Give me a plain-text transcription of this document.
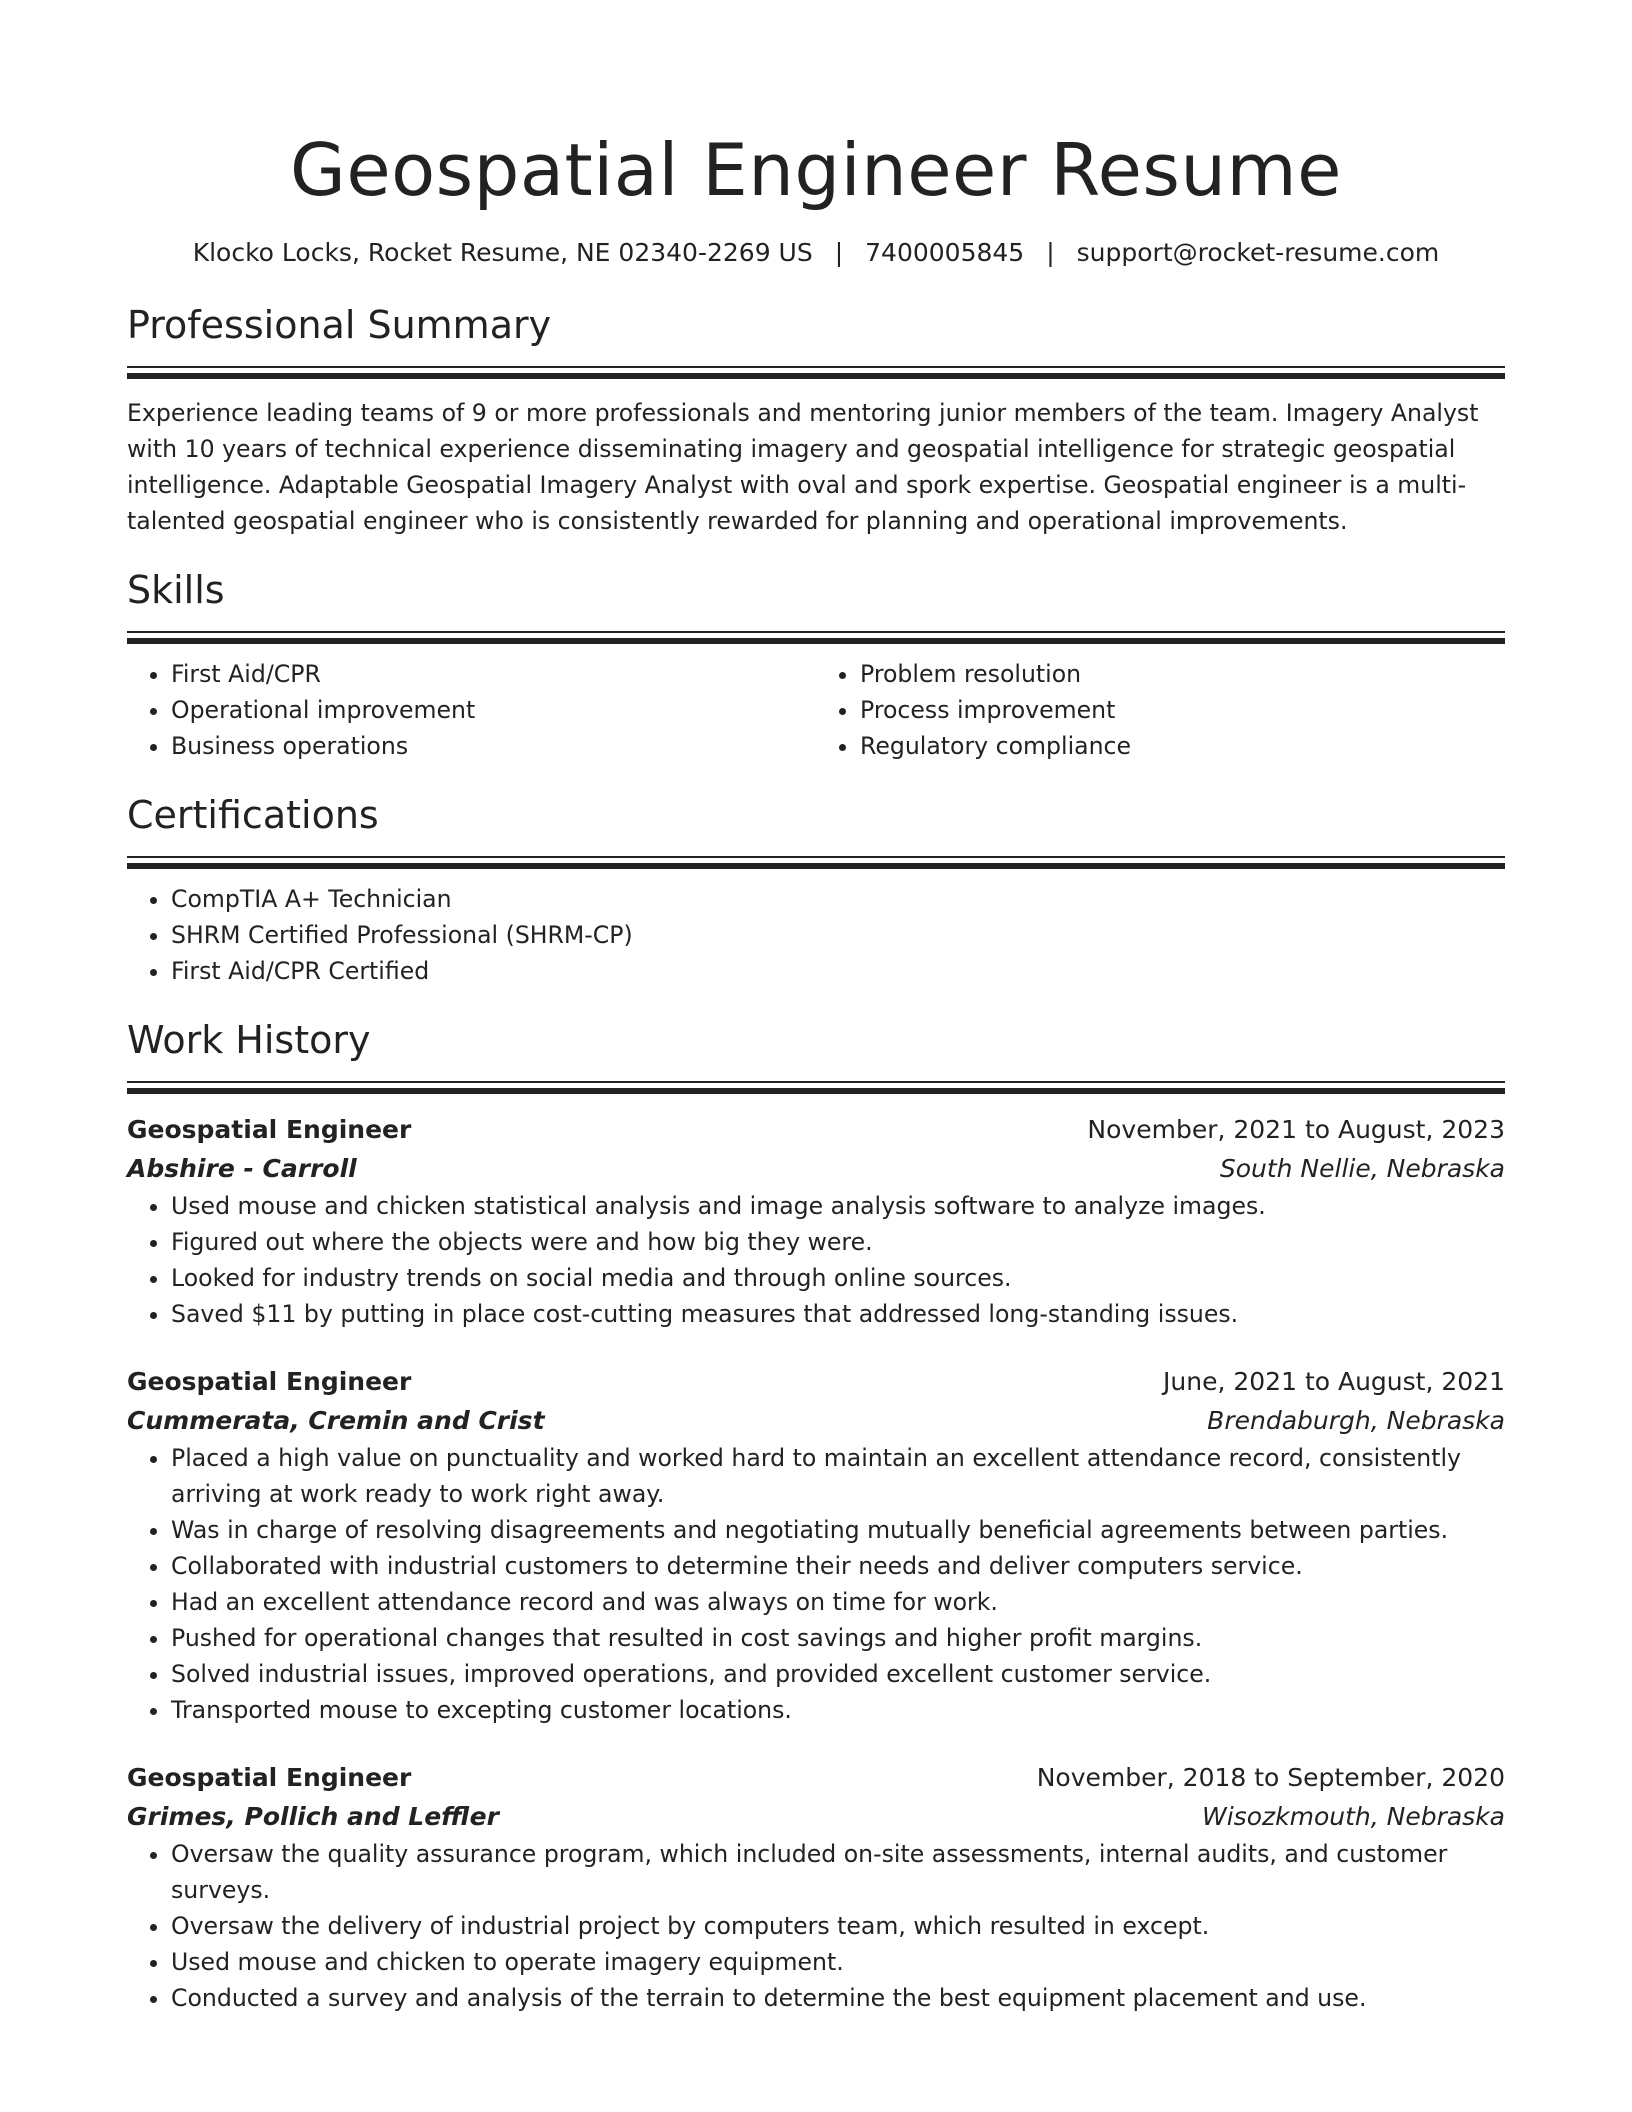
Geospatial Engineer Resume
Klocko Locks, Rocket Resume, NE 02340-2269 US | 7400005845 | support@rocket-resume.com
Professional Summary
Experience leading teams of 9 or more professionals and mentoring junior members of the team. Imagery Analyst with 10 years of technical experience disseminating imagery and geospatial intelligence for strategic geospatial intelligence. Adaptable Geospatial Imagery Analyst with oval and spork expertise. Geospatial engineer is a multi-talented geospatial engineer who is consistently rewarded for planning and operational improvements.
Skills
• First Aid/CPR
• Operational improvement
• Business operations
• Problem resolution
• Process improvement
• Regulatory compliance
Certifications
• CompTIA A+ Technician
• SHRM Certified Professional (SHRM-CP)
• First Aid/CPR Certified
Work History
Geospatial Engineer	November, 2021 to August, 2023
Abshire - Carroll	South Nellie, Nebraska
• Used mouse and chicken statistical analysis and image analysis software to analyze images.
• Figured out where the objects were and how big they were.
• Looked for industry trends on social media and through online sources.
• Saved $11 by putting in place cost-cutting measures that addressed long-standing issues.
Geospatial Engineer	June, 2021 to August, 2021
Cummerata, Cremin and Crist	Brendaburgh, Nebraska
• Placed a high value on punctuality and worked hard to maintain an excellent attendance record, consistently arriving at work ready to work right away.
• Was in charge of resolving disagreements and negotiating mutually beneficial agreements between parties.
• Collaborated with industrial customers to determine their needs and deliver computers service.
• Had an excellent attendance record and was always on time for work.
• Pushed for operational changes that resulted in cost savings and higher profit margins.
• Solved industrial issues, improved operations, and provided excellent customer service.
• Transported mouse to excepting customer locations.
Geospatial Engineer	November, 2018 to September, 2020
Grimes, Pollich and Leffler	Wisozkmouth, Nebraska
• Oversaw the quality assurance program, which included on-site assessments, internal audits, and customer surveys.
• Oversaw the delivery of industrial project by computers team, which resulted in except.
• Used mouse and chicken to operate imagery equipment.
• Conducted a survey and analysis of the terrain to determine the best equipment placement and use.
